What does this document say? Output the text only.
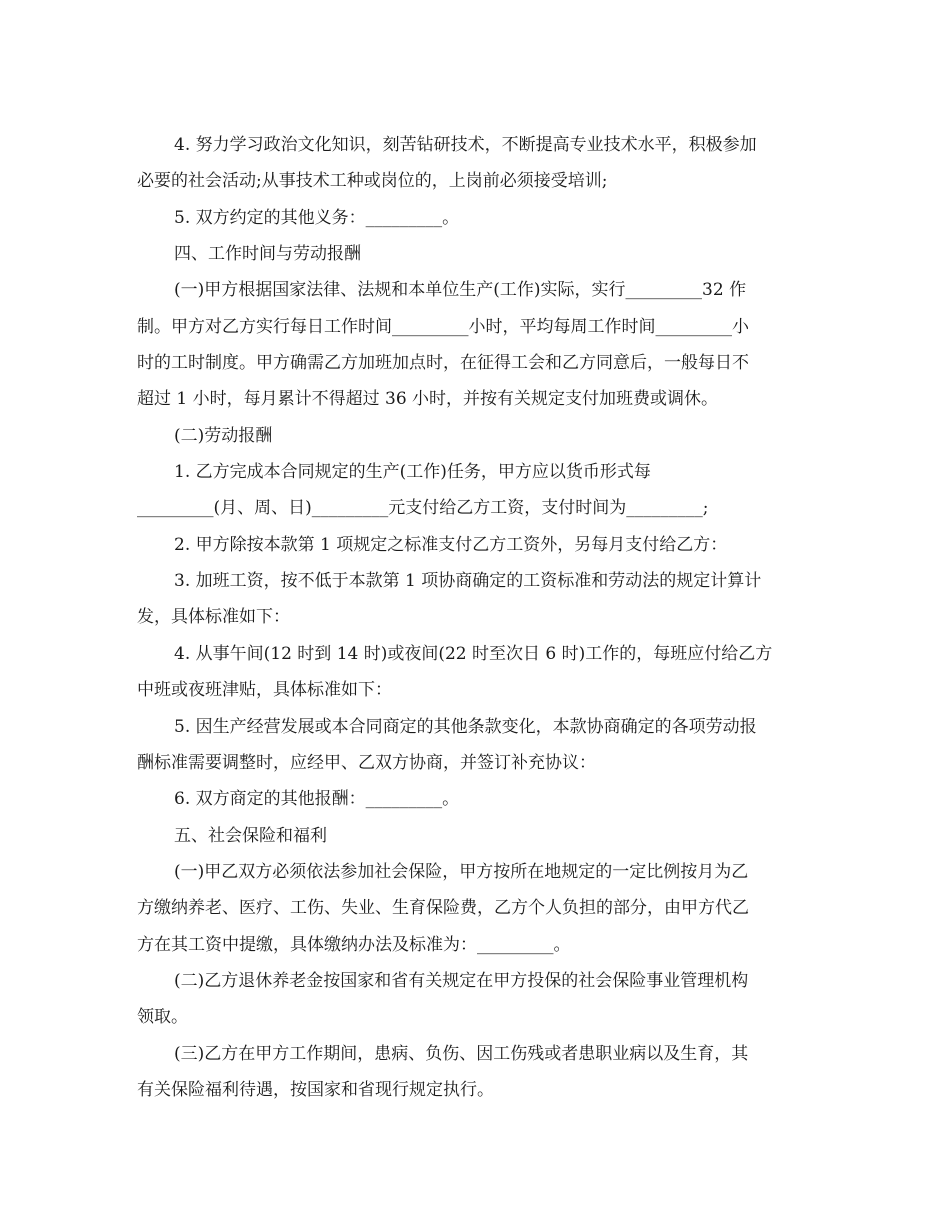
4. 努力学习政治文化知识，刻苦钻研技术，不断提高专业技术水平，积极参加
必要的社会活动;从事技术工种或岗位的，上岗前必须接受培训;
5. 双方约定的其他义务：_________。
四、工作时间与劳动报酬
(一)甲方根据国家法律、法规和本单位生产(工作)实际，实行_________32 作
制。甲方对乙方实行每日工作时间_________小时，平均每周工作时间_________小
时的工时制度。甲方确需乙方加班加点时，在征得工会和乙方同意后，一般每日不
超过 1 小时，每月累计不得超过 36 小时，并按有关规定支付加班费或调休。
(二)劳动报酬
1. 乙方完成本合同规定的生产(工作)任务，甲方应以货币形式每
_________(月、周、日)_________元支付给乙方工资，支付时间为_________;
2. 甲方除按本款第 1 项规定之标准支付乙方工资外，另每月支付给乙方：
3. 加班工资，按不低于本款第 1 项协商确定的工资标准和劳动法的规定计算计
发，具体标准如下：
4. 从事午间(12 时到 14 时)或夜间(22 时至次日 6 时)工作的，每班应付给乙方
中班或夜班津贴，具体标准如下：
5. 因生产经营发展或本合同商定的其他条款变化，本款协商确定的各项劳动报
酬标准需要调整时，应经甲、乙双方协商，并签订补充协议：
6. 双方商定的其他报酬：_________。
五、社会保险和福利
(一)甲乙双方必须依法参加社会保险，甲方按所在地规定的一定比例按月为乙
方缴纳养老、医疗、工伤、失业、生育保险费，乙方个人负担的部分，由甲方代乙
方在其工资中提缴，具体缴纳办法及标准为：_________。
(二)乙方退休养老金按国家和省有关规定在甲方投保的社会保险事业管理机构
领取。
(三)乙方在甲方工作期间，患病、负伤、因工伤残或者患职业病以及生育，其
有关保险福利待遇，按国家和省现行规定执行。
